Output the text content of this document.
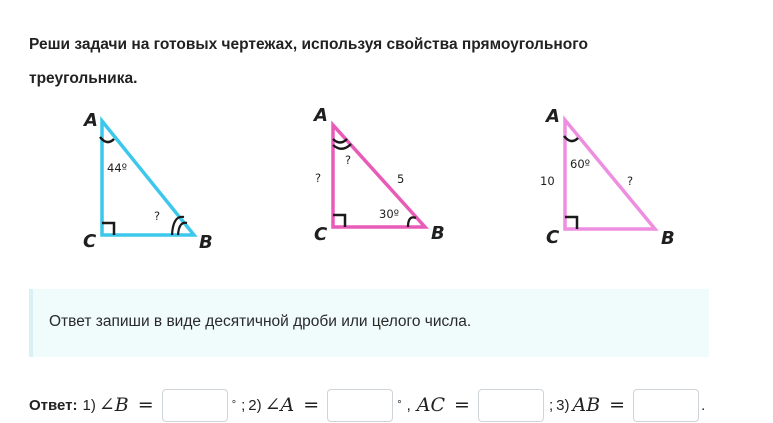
Реши задачи на готовых чертежах, используя свойства прямоугольного
треугольника.
A
C	B
44º
?
A
C	B
?
?	5
30º
A
C	B
60º
10	?
Ответ запиши в виде десятичной дроби или целого числа.
Ответ: 1) ∠B =	° ; 2) ∠A =	° , AC =	; 3) AB =	.
